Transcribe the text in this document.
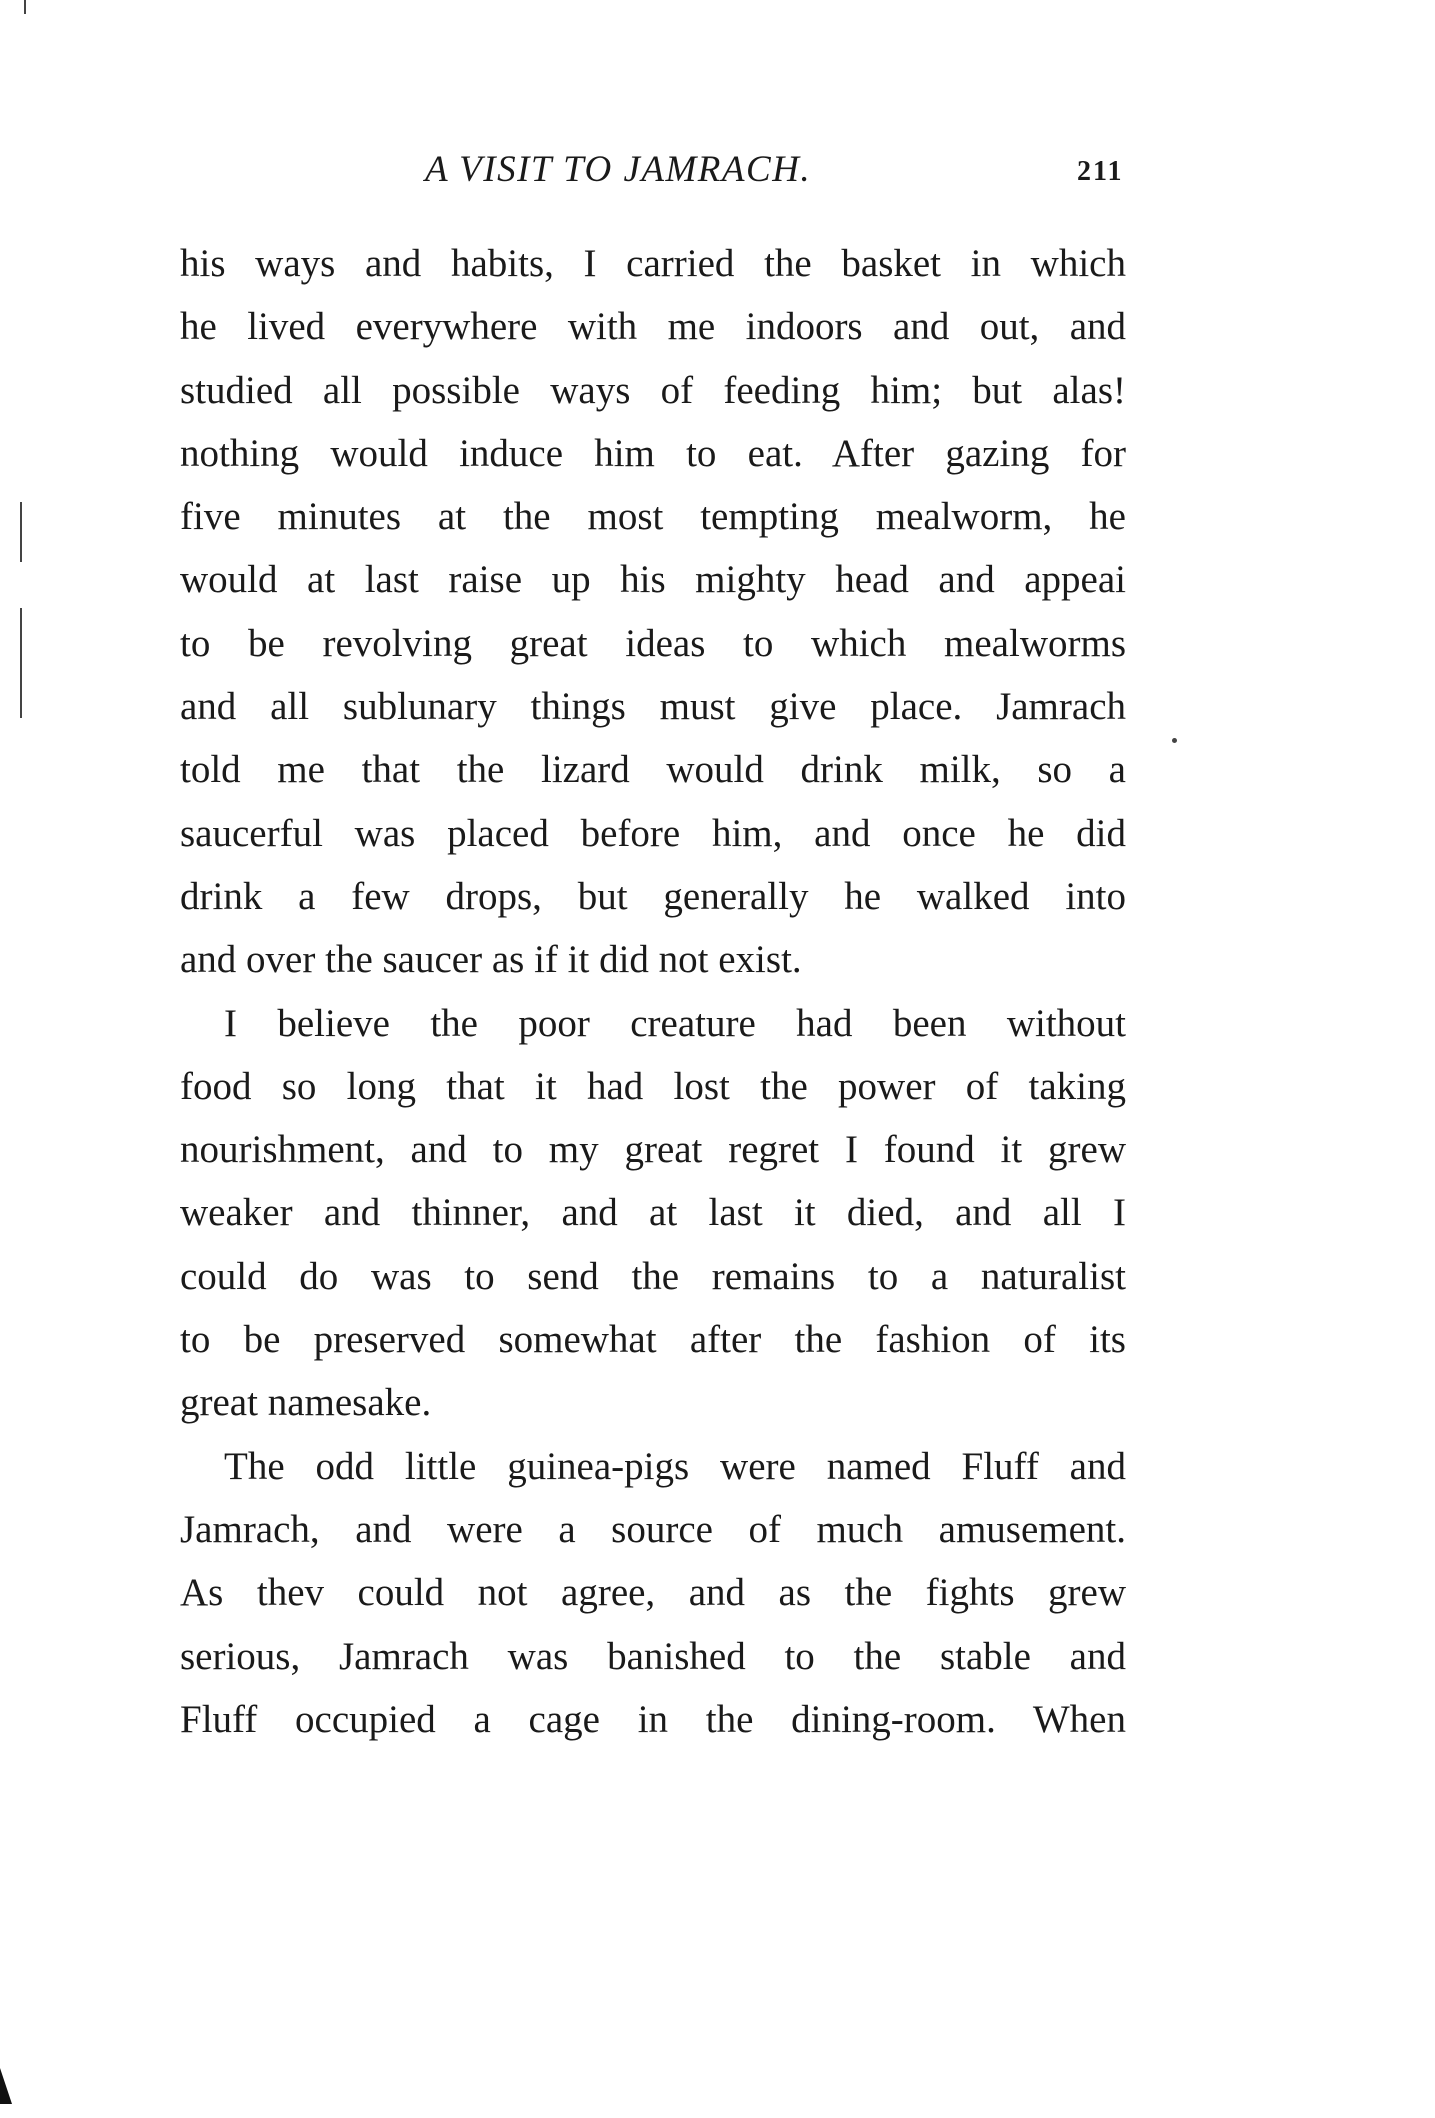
A VISIT TO JAMRACH.	211
his ways and habits, I carried the basket in which
he lived everywhere with me indoors and out, and
studied all possible ways of feeding him; but alas!
nothing would induce him to eat. After gazing for
five minutes at the most tempting mealworm, he
would at last raise up his mighty head and appeai
to be revolving great ideas to which mealworms
and all sublunary things must give place. Jamrach
told me that the lizard would drink milk, so a
saucerful was placed before him, and once he did
drink a few drops, but generally he walked into
and over the saucer as if it did not exist.
I believe the poor creature had been without
food so long that it had lost the power of taking
nourishment, and to my great regret I found it grew
weaker and thinner, and at last it died, and all I
could do was to send the remains to a naturalist
to be preserved somewhat after the fashion of its
great namesake.
The odd little guinea-pigs were named Fluff and
Jamrach, and were a source of much amusement.
As thev could not agree, and as the fights grew
serious, Jamrach was banished to the stable and
Fluff occupied a cage in the dining-room. When
